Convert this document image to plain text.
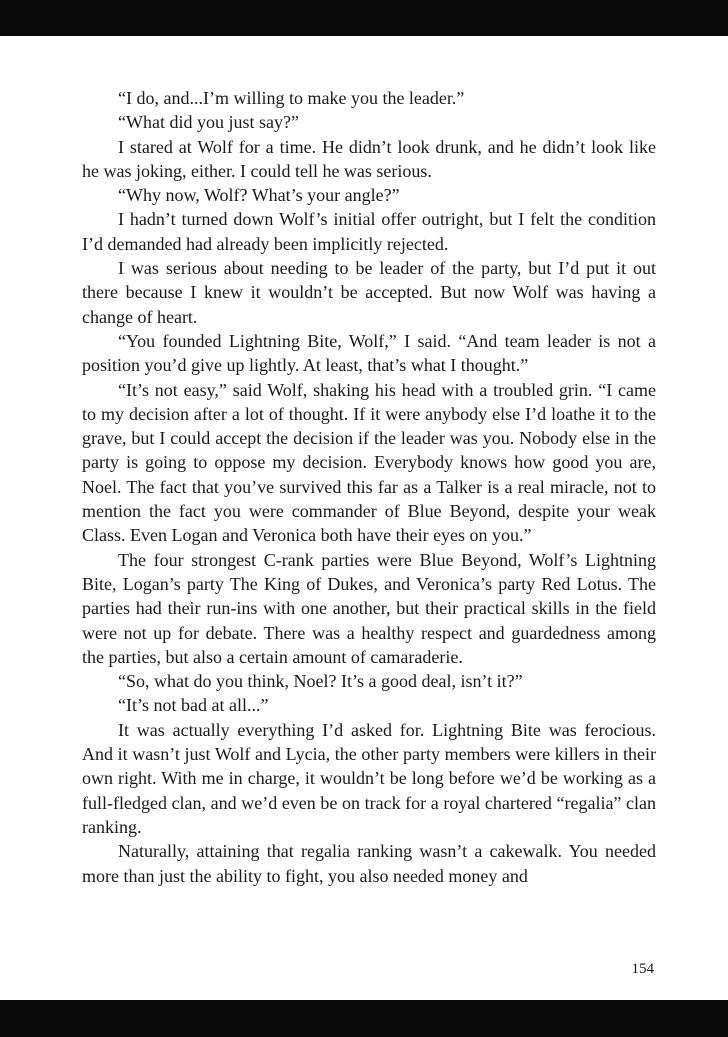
“I do, and...I’m willing to make you the leader.”

“What did you just say?”

I stared at Wolf for a time. He didn’t look drunk, and he didn’t look like he was joking, either. I could tell he was serious.

“Why now, Wolf? What’s your angle?”

I hadn’t turned down Wolf’s initial offer outright, but I felt the condition I’d demanded had already been implicitly rejected.

I was serious about needing to be leader of the party, but I’d put it out there because I knew it wouldn’t be accepted. But now Wolf was having a change of heart.

“You founded Lightning Bite, Wolf,” I said. “And team leader is not a position you’d give up lightly. At least, that’s what I thought.”

“It’s not easy,” said Wolf, shaking his head with a troubled grin. “I came to my decision after a lot of thought. If it were anybody else I’d loathe it to the grave, but I could accept the decision if the leader was you. Nobody else in the party is going to oppose my decision. Everybody knows how good you are, Noel. The fact that you’ve survived this far as a Talker is a real miracle, not to mention the fact you were commander of Blue Beyond, despite your weak Class. Even Logan and Veronica both have their eyes on you.”

The four strongest C-rank parties were Blue Beyond, Wolf’s Lightning Bite, Logan’s party The King of Dukes, and Veronica’s party Red Lotus. The parties had their run-ins with one another, but their practical skills in the field were not up for debate. There was a healthy respect and guardedness among the parties, but also a certain amount of camaraderie.

“So, what do you think, Noel? It’s a good deal, isn’t it?”

“It’s not bad at all...”

It was actually everything I’d asked for. Lightning Bite was ferocious. And it wasn’t just Wolf and Lycia, the other party members were killers in their own right. With me in charge, it wouldn’t be long before we’d be working as a full-fledged clan, and we’d even be on track for a royal chartered “regalia” clan ranking.

Naturally, attaining that regalia ranking wasn’t a cakewalk. You needed more than just the ability to fight, you also needed money and

154
